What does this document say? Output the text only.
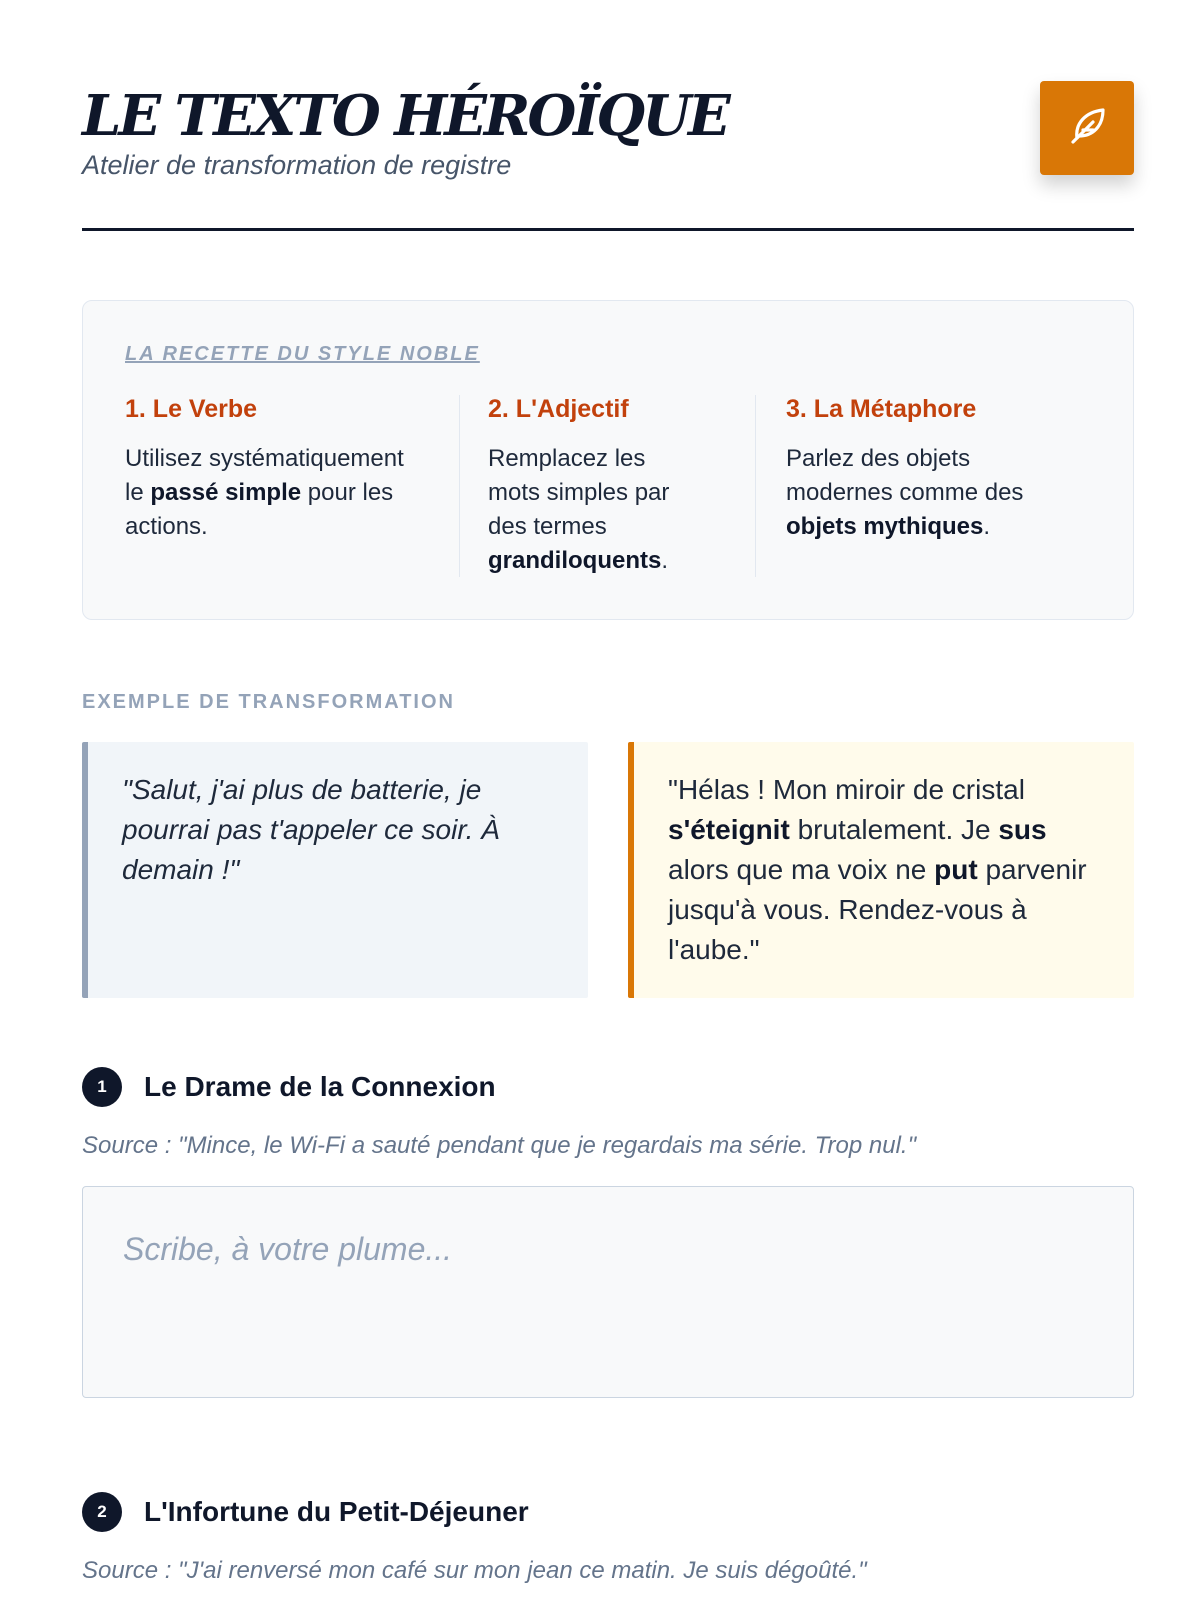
LE TEXTO HÉROÏQUE
Atelier de transformation de registre
LA RECETTE DU STYLE NOBLE
1. Le Verbe

Utilisez systématiquement le passé simple pour les actions.

2. L'Adjectif

Remplacez les mots simples par des termes grandiloquents.

3. La Métaphore

Parlez des objets modernes comme des objets mythiques.

EXEMPLE DE TRANSFORMATION
"Salut, j'ai plus de batterie, je pourrai pas t'appeler ce soir. À demain !"
"Hélas ! Mon miroir de cristal s'éteignit brutalement. Je sus alors que ma voix ne put parvenir jusqu'à vous. Rendez-vous à l'aube."
1	Le Drame de la Connexion
Source : "Mince, le Wi-Fi a sauté pendant que je regardais ma série. Trop nul."
Scribe, à votre plume...
2	L'Infortune du Petit-Déjeuner
Source : "J'ai renversé mon café sur mon jean ce matin. Je suis dégoûté."
